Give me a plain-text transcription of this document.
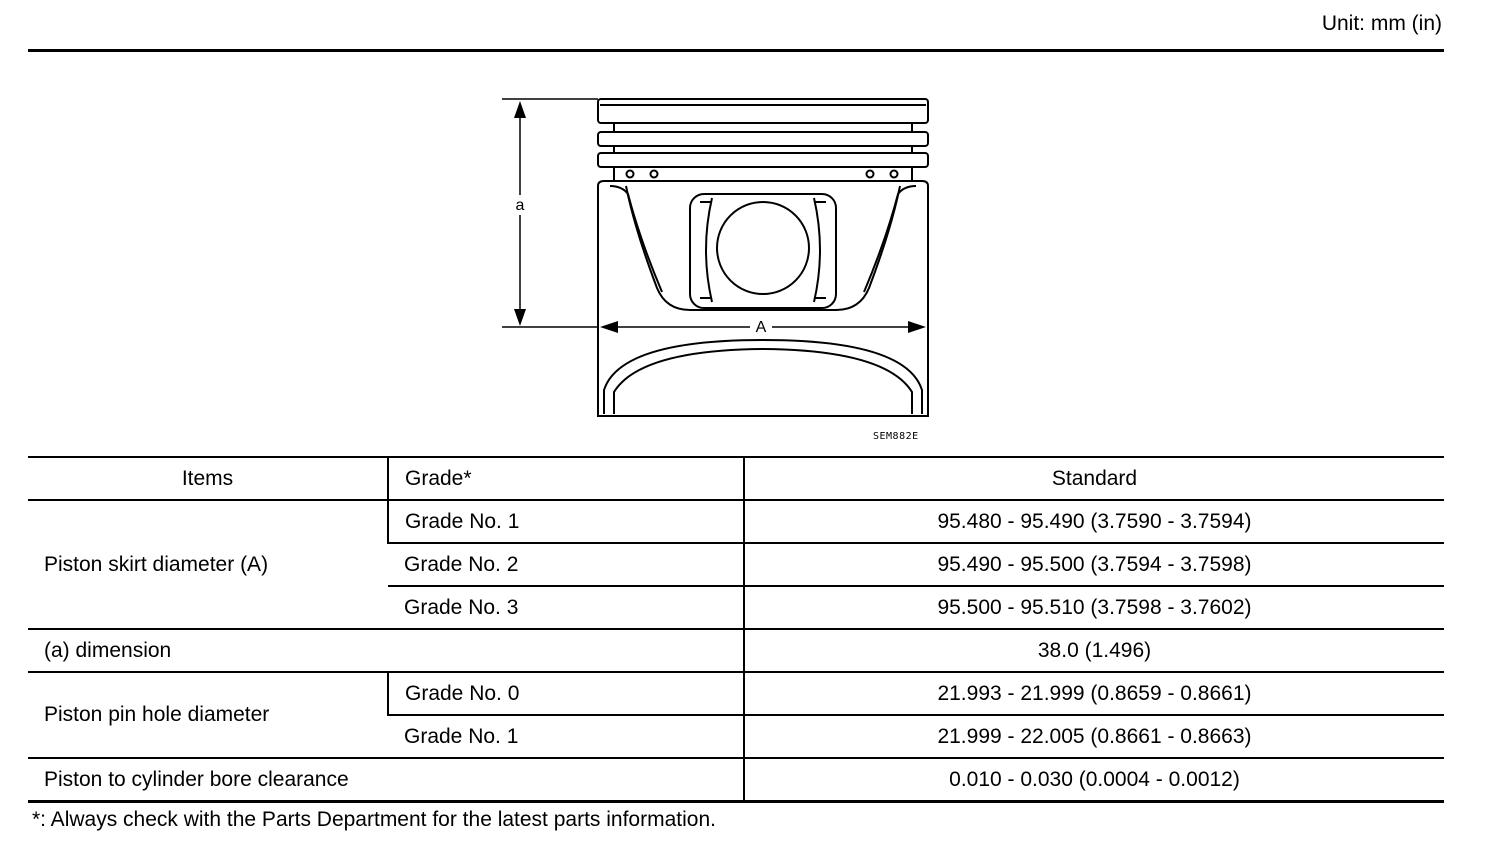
Unit: mm (in)
a
A
SEM882E
Items	Grade*	Standard
Piston skirt diameter (A)	Grade No. 1	95.480 - 95.490 (3.7590 - 3.7594)
	Grade No. 2	95.490 - 95.500 (3.7594 - 3.7598)
	Grade No. 3	95.500 - 95.510 (3.7598 - 3.7602)
(a) dimension		38.0 (1.496)
Piston pin hole diameter	Grade No. 0	21.993 - 21.999 (0.8659 - 0.8661)
	Grade No. 1	21.999 - 22.005 (0.8661 - 0.8663)
Piston to cylinder bore clearance		0.010 - 0.030 (0.0004 - 0.0012)
*: Always check with the Parts Department for the latest parts information.
